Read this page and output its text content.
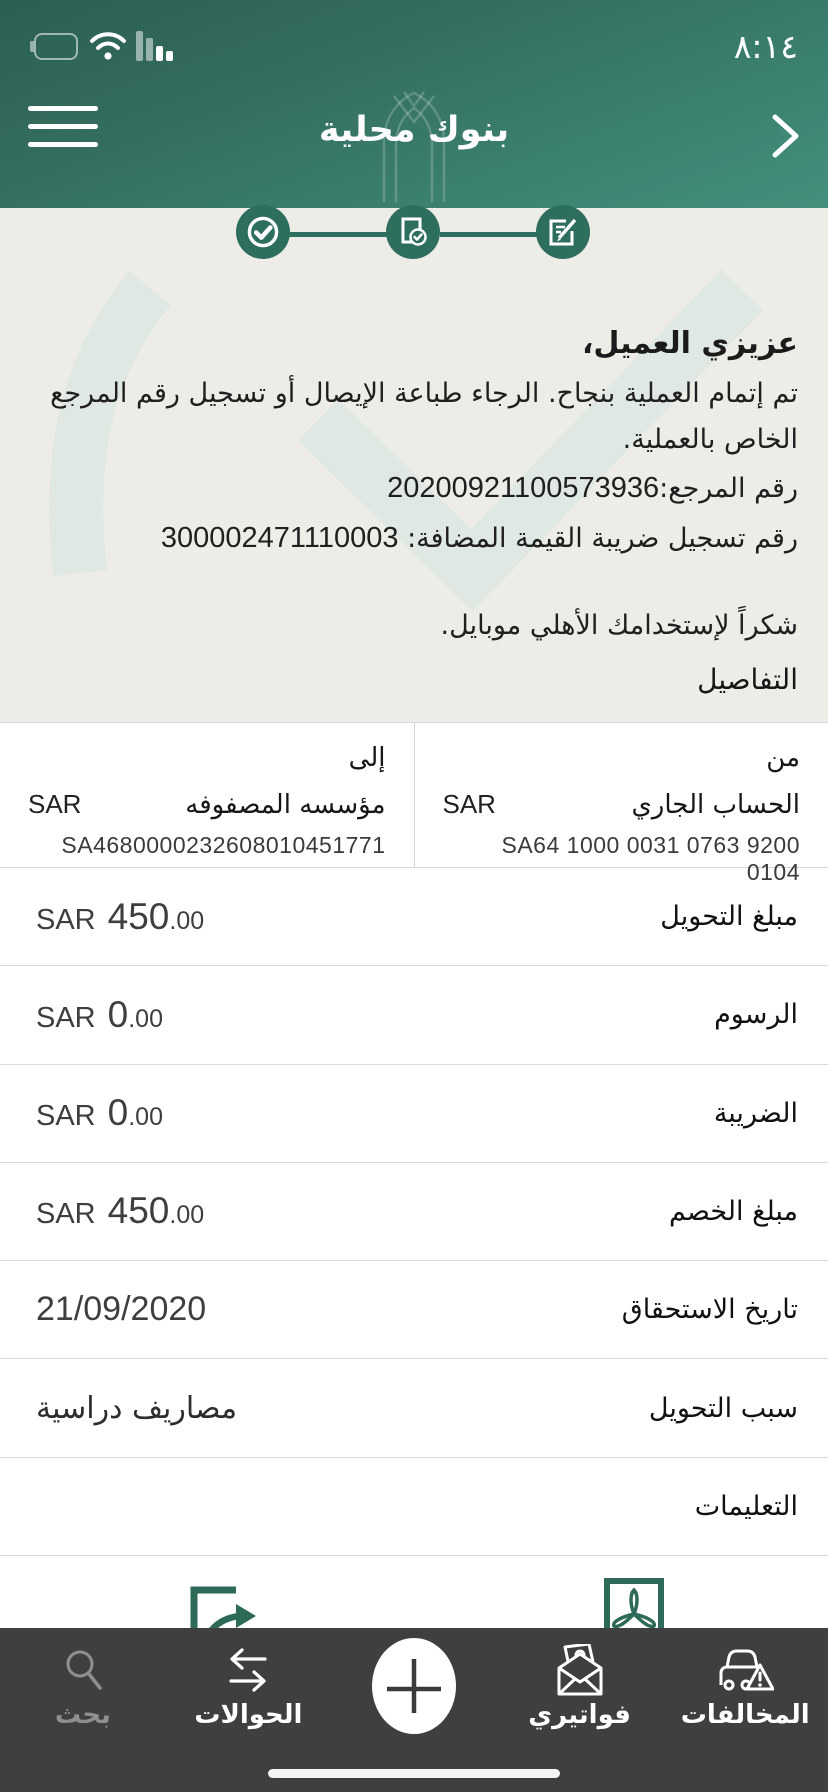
٨:١٤
بنوك محلية
عزيزي العميل،
تم إتمام العملية بنجاح. الرجاء طباعة الإيصال أو تسجيل رقم المرجع الخاص بالعملية.
رقم المرجع:20200921100573936
رقم تسجيل ضريبة القيمة المضافة: 300002471110003
شكراً لإستخدامك الأهلي موبايل.
التفاصيل
من
الحساب الجاري
SAR
SA64 1000 0031 0763 9200 0104
إلى
مؤسسه المصفوفه
SAR
SA4680000232608010451771
مبلغ التحويل
SAR 450 .00
الرسوم
SAR 0 .00
الضريبة
SAR 0 .00
مبلغ الخصم
SAR 450 .00
تاريخ الاستحقاق
21/09/2020
سبب التحويل
مصاريف دراسية
التعليمات
المخالفات
فواتيري
الحوالات
بحث
